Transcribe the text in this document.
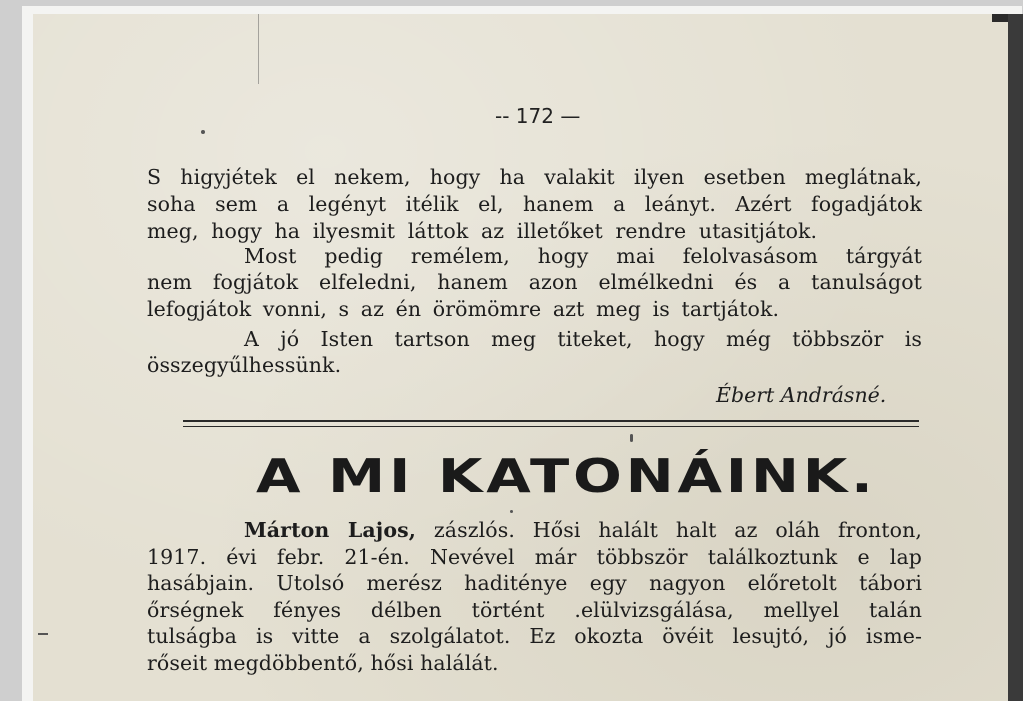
-- 172 —
S higyjétek el nekem, hogy ha valakit ilyen esetben meglátnak,
soha sem a legényt itélik el, hanem a leányt. Azért fogadjátok
meg, hogy ha ilyesmit láttok az illetőket rendre utasitjátok.
Most pedig remélem, hogy mai felolvasásom tárgyát
nem fogjátok elfeledni, hanem azon elmélkedni és a tanulságot
lefogjátok vonni, s az én örömömre azt meg is tartjátok.
A jó Isten tartson meg titeket, hogy még többször is
összegyűlhessünk.
Ébert Andrásné.
A MI KATONÁINK.
Márton Lajos, zászlós. Hősi halált halt az oláh fronton,
1917. évi febr. 21-én. Nevével már többször találkoztunk e lap
hasábjain. Utolsó merész haditénye egy nagyon előretolt tábori
őrségnek fényes délben történt .elülvizsgálása, mellyel talán
tulságba is vitte a szolgálatot. Ez okozta övéit lesujtó, jó isme-
rőseit megdöbbentő, hősi halálát.
